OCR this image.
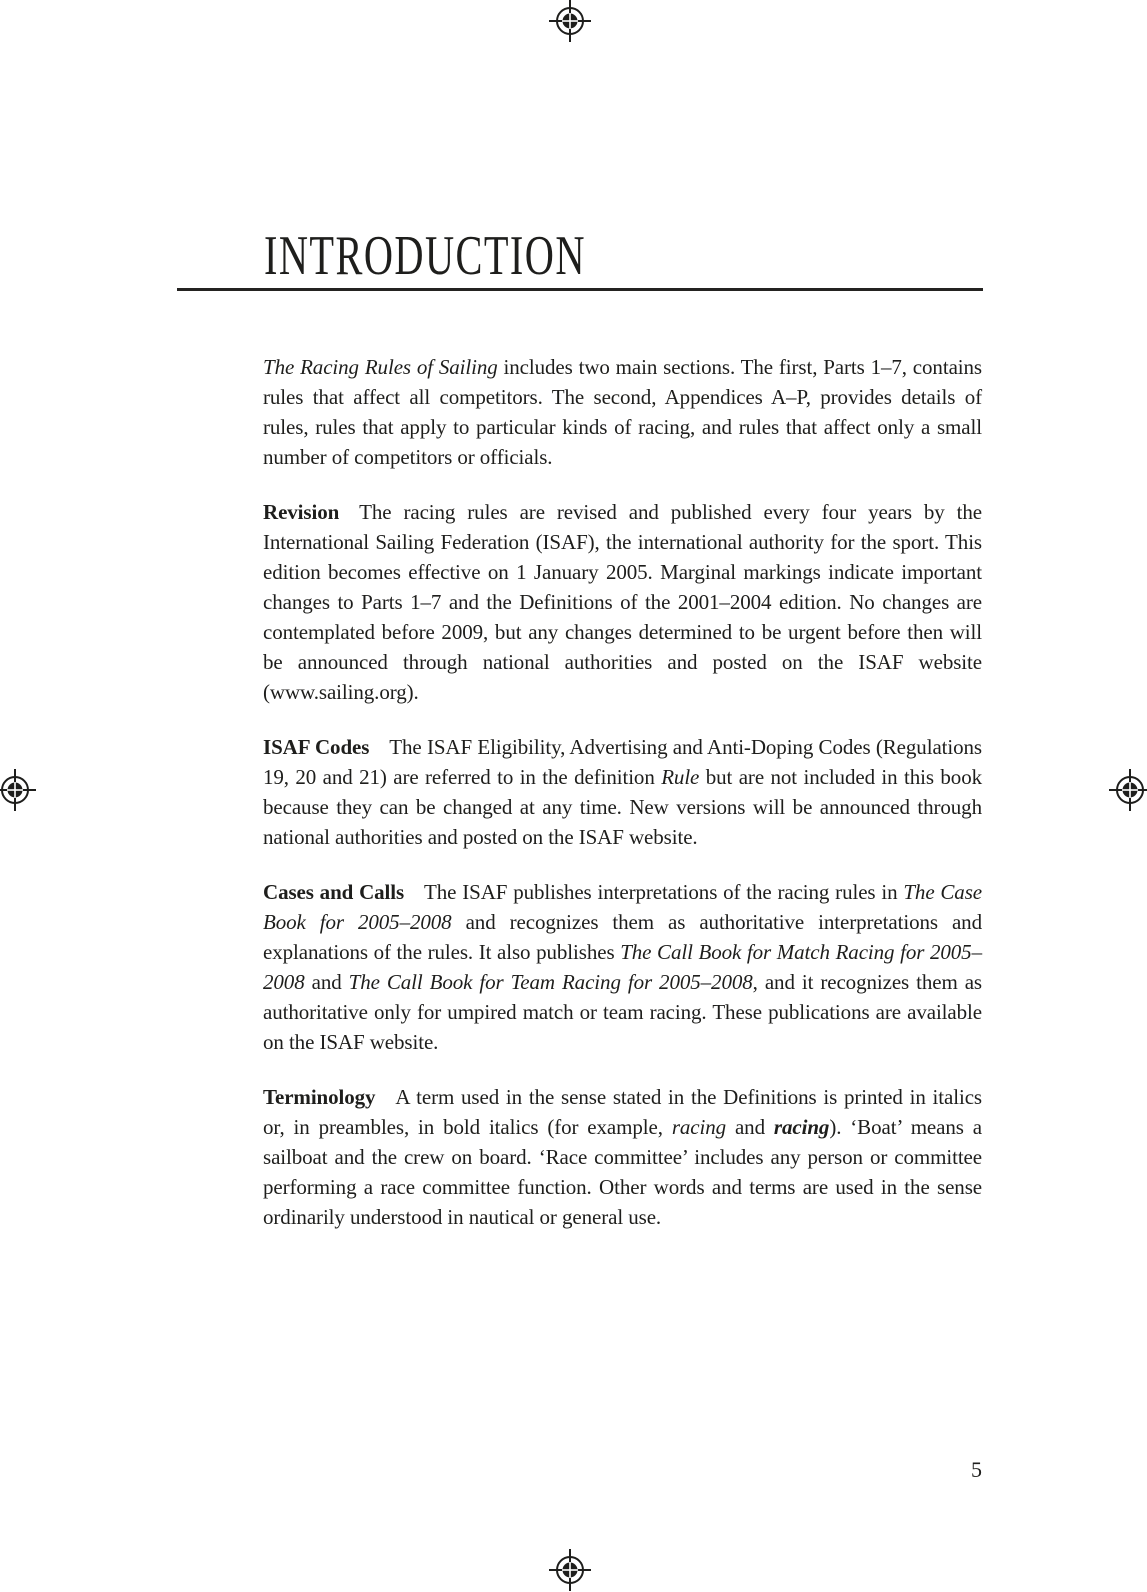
INTRODUCTION

The Racing Rules of Sailing includes two main sections. The first, Parts 1–7, contains rules that affect all competitors. The second, Appendices A–P, provides details of rules, rules that apply to particular kinds of racing, and rules that affect only a small number of competitors or officials.

Revision The racing rules are revised and published every four years by the International Sailing Federation (ISAF), the international authority for the sport. This edition becomes effective on 1 January 2005. Marginal markings indicate important changes to Parts 1–7 and the Definitions of the 2001–2004 edition. No changes are contemplated before 2009, but any changes determined to be urgent before then will be announced through national authorities and posted on the ISAF website (www.sailing.org).

ISAF Codes The ISAF Eligibility, Advertising and Anti-Doping Codes (Regulations 19, 20 and 21) are referred to in the definition Rule but are not included in this book because they can be changed at any time. New versions will be announced through national authorities and posted on the ISAF website.

Cases and Calls The ISAF publishes interpretations of the racing rules in The Case Book for 2005–2008 and recognizes them as authoritative interpretations and explanations of the rules. It also publishes The Call Book for Match Racing for 2005–2008 and The Call Book for Team Racing for 2005–2008, and it recognizes them as authoritative only for umpired match or team racing. These publications are available on the ISAF website.

Terminology A term used in the sense stated in the Definitions is printed in italics or, in preambles, in bold italics (for example, racing and racing). ‘Boat’ means a sailboat and the crew on board. ‘Race committee’ includes any person or committee performing a race committee function. Other words and terms are used in the sense ordinarily understood in nautical or general use.

5
